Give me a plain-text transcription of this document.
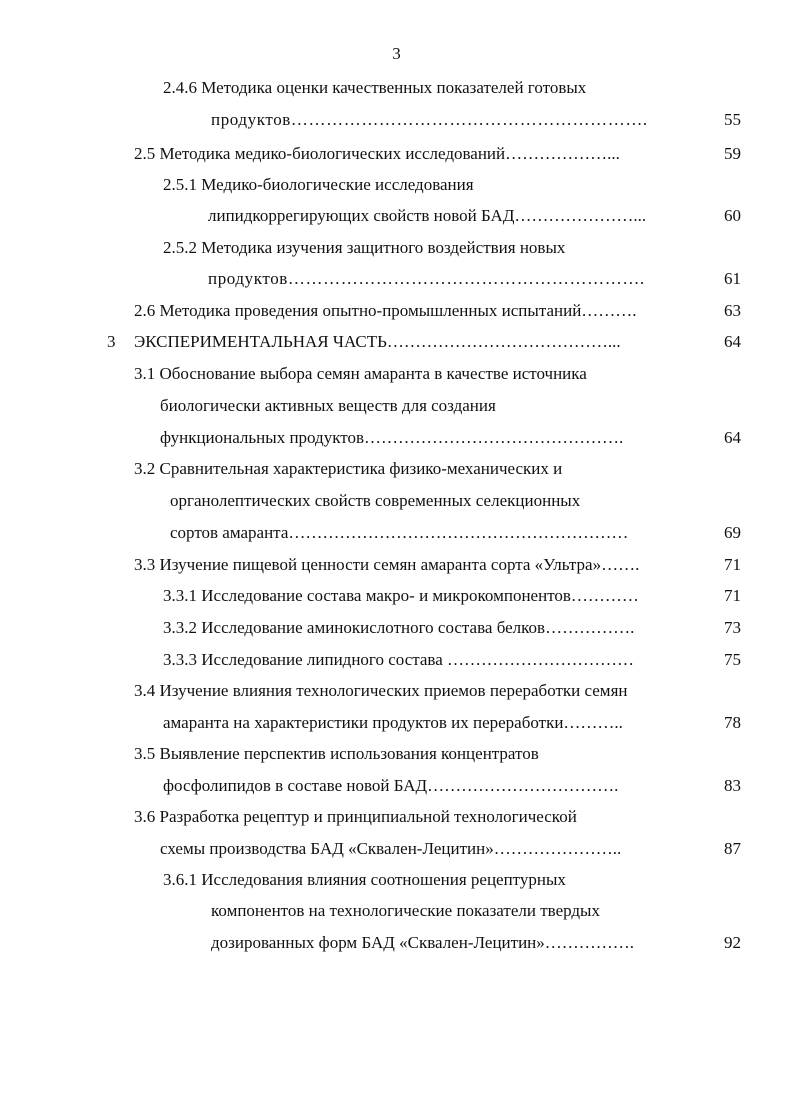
3
2.4.6 Методика оценки качественных показателей готовых
продуктов…………………………………………………….	55
2.5 Методика медико-биологических исследований………………...	59
2.5.1 Медико-биологические исследования
липидкоррегирующих свойств новой БАД…………………...	60
2.5.2 Методика изучения защитного воздействия новых
продуктов…………………………………………………….	61
2.6 Методика проведения опытно-промышленных испытаний……….	63
3 ЭКСПЕРИМЕНТАЛЬНАЯ ЧАСТЬ…………………………………...	64
3.1 Обоснование выбора семян амаранта в качестве источника
биологически активных веществ для создания
функциональных продуктов……………………………………….	64
3.2 Сравнительная характеристика физико-механических и
органолептических свойств современных селекционных
сортов амаранта……………………………………………………	69
3.3 Изучение пищевой ценности семян амаранта сорта «Ультра»…….	71
3.3.1 Исследование состава макро- и микрокомпонентов…………	71
3.3.2 Исследование аминокислотного состава белков…………….	73
3.3.3 Исследование липидного состава ……………………………	75
3.4 Изучение влияния технологических приемов переработки семян
амаранта на характеристики продуктов их переработки………..	78
3.5 Выявление перспектив использования концентратов
фосфолипидов в составе новой БАД…………………………….	83
3.6 Разработка рецептур и принципиальной технологической
схемы производства БАД «Сквален-Лецитин»…………………..	87
3.6.1 Исследования влияния соотношения рецептурных
компонентов на технологические показатели твердых
дозированных форм БАД «Сквален-Лецитин»…………….	92
